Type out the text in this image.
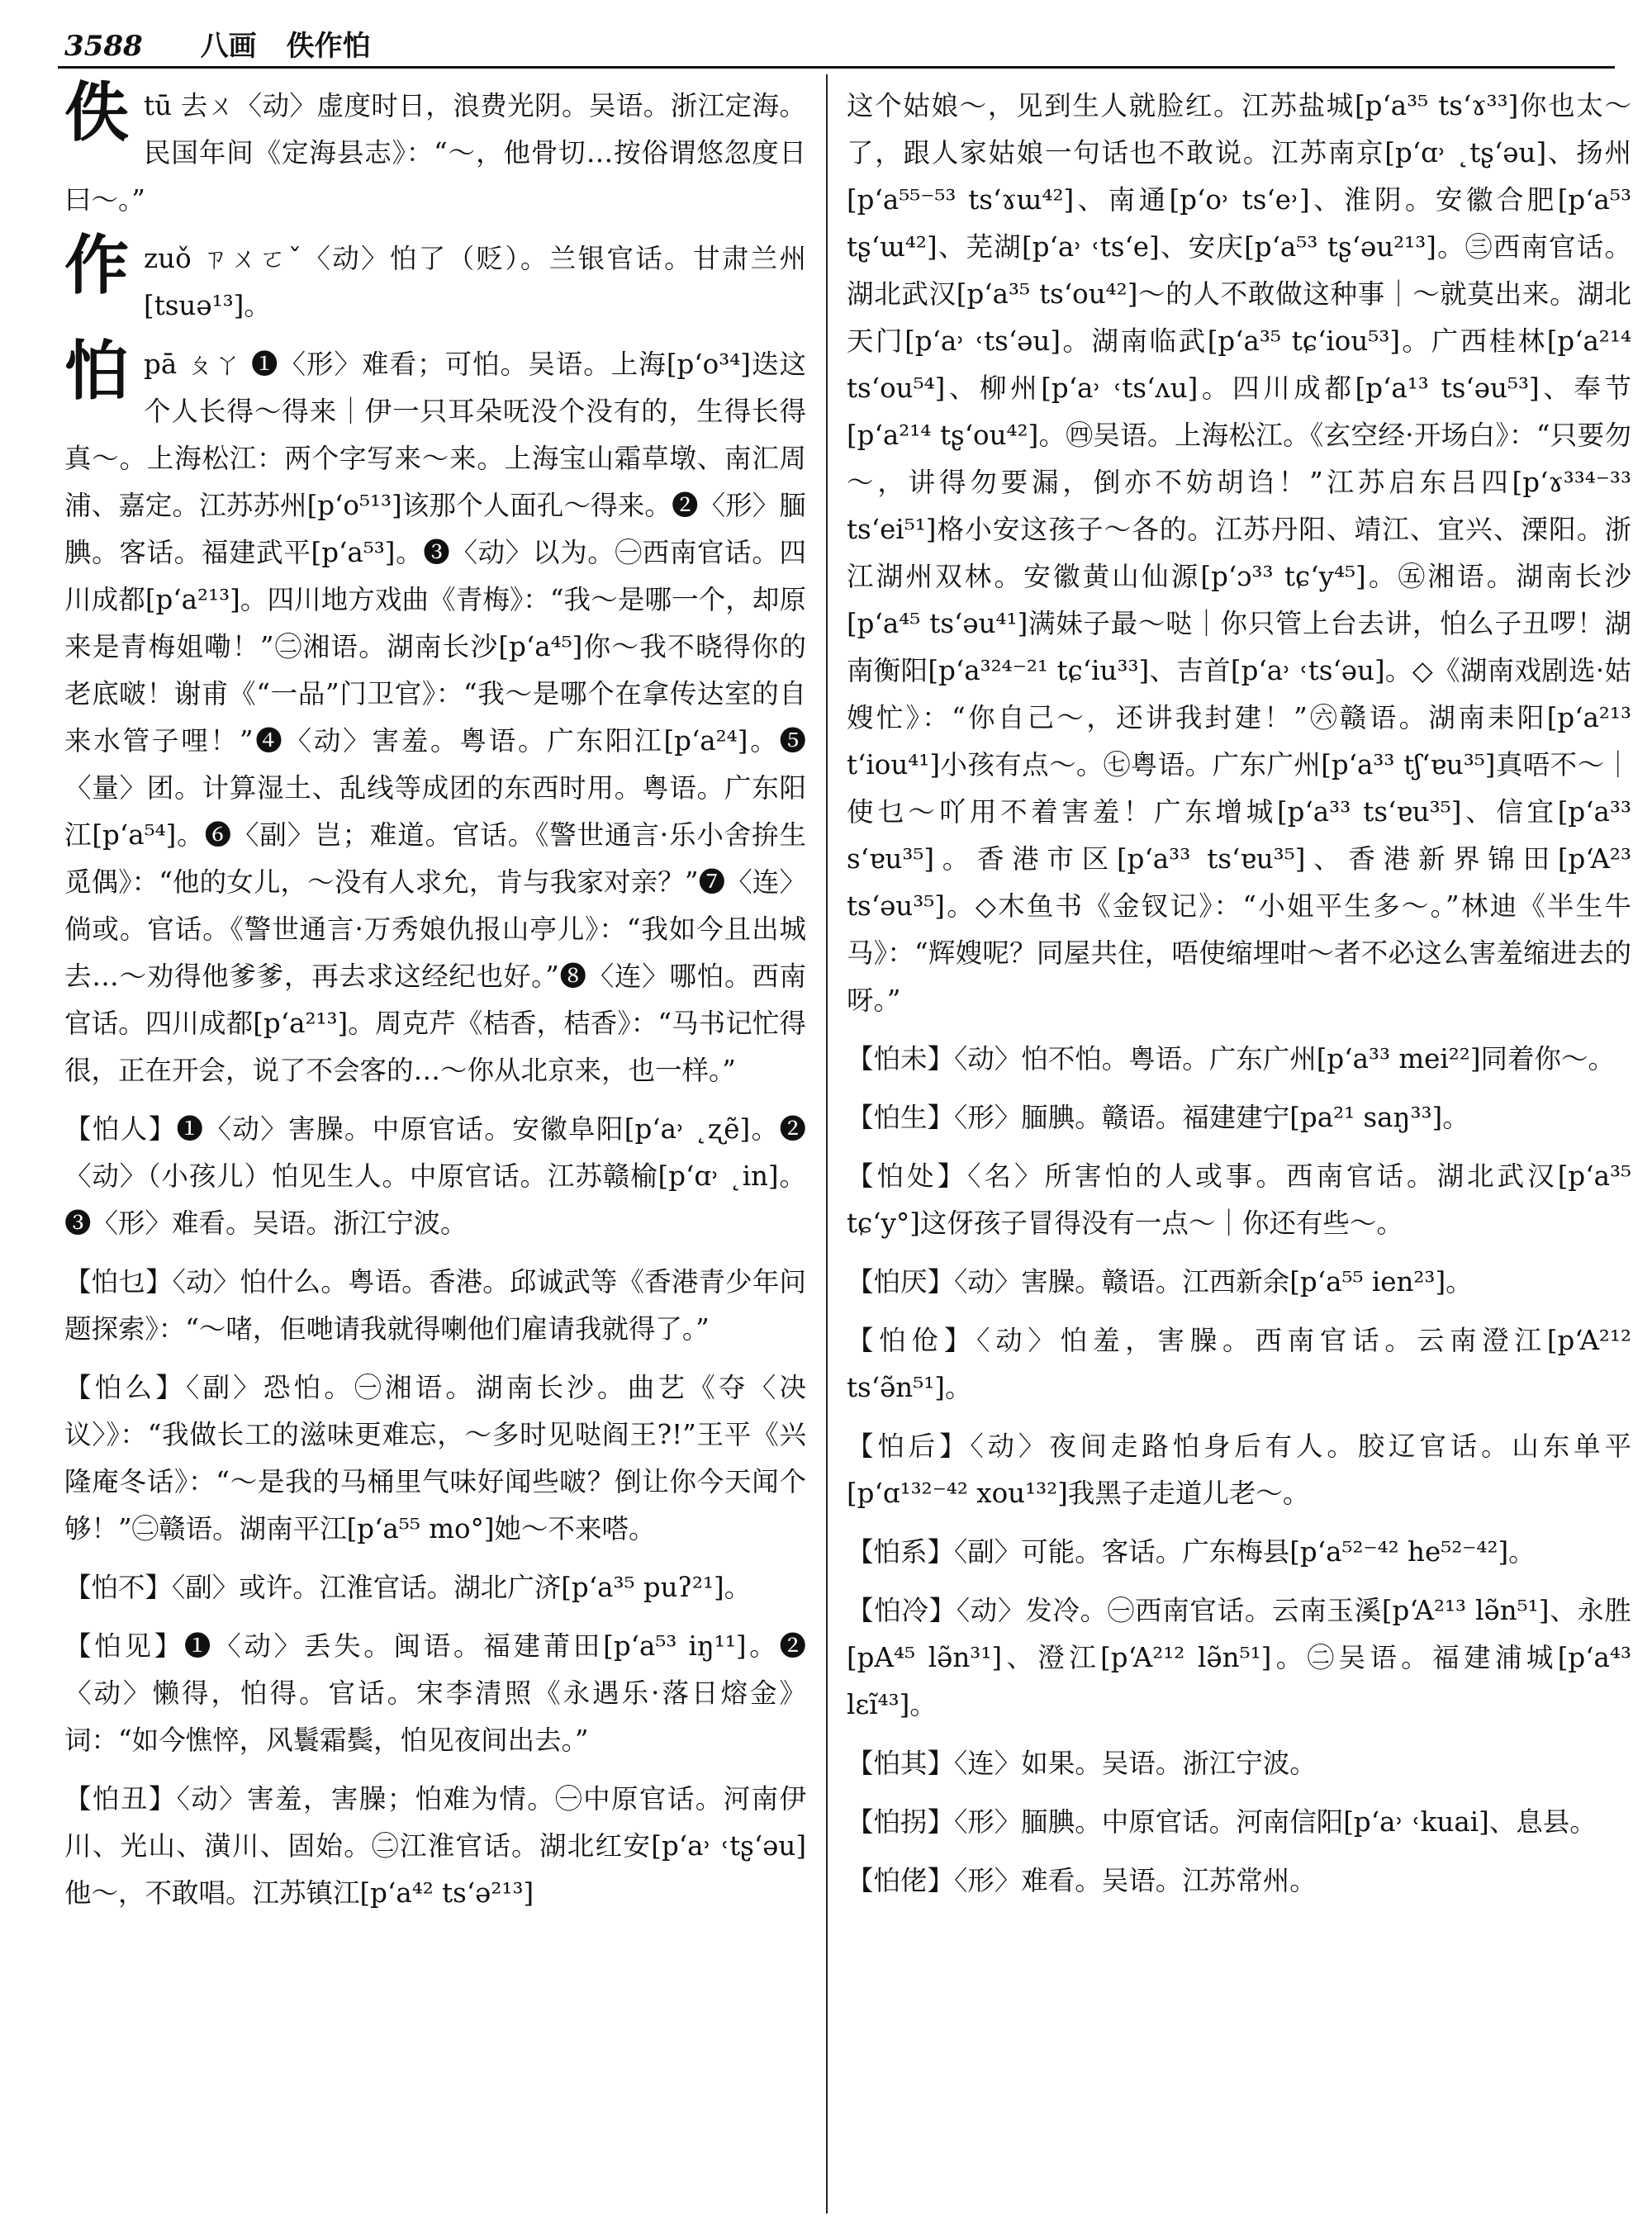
3588 八画 佚作怕
佚 tū 去ㄨ〈动〉虚度时日，浪费光阴。吴语。浙江定海。民国年间《定海县志》：“～，他骨切…按俗谓悠忽度日曰～。”
作 zuǒ ㄗㄨㄛˇ〈动〉怕了（贬）。兰银官话。甘肃兰州[tsuə¹³]。
怕 pā ㄆㄚ ❶〈形〉难看；可怕。吴语。上海[p‘o³⁴]迭这个人长得～得来｜伊一只耳朵呒没个没有的，生得长得真～。上海松江：两个字写来～来。上海宝山霜草墩、南汇周浦、嘉定。江苏苏州[p‘o⁵¹³]该那个人面孔～得来。❷〈形〉腼腆。客话。福建武平[p‘a⁵³]。❸〈动〉以为。㊀西南官话。四川成都[p‘a²¹³]。四川地方戏曲《青梅》：“我～是哪一个，却原来是青梅姐嘞！”㊁湘语。湖南长沙[p‘a⁴⁵]你～我不晓得你的老底啵！谢甫《“一品”门卫官》：“我～是哪个在拿传达室的自来水管子哩！”❹〈动〉害羞。粤语。广东阳江[p‘a²⁴]。❺〈量〉团。计算湿土、乱线等成团的东西时用。粤语。广东阳江[p‘a⁵⁴]。❻〈副〉岂；难道。官话。《警世通言·乐小舍拚生觅偶》：“他的女儿，～没有人求允，肯与我家对亲？”❼〈连〉倘或。官话。《警世通言·万秀娘仇报山亭儿》：“我如今且出城去…～劝得他爹爹，再去求这经纪也好。”❽〈连〉哪怕。西南官话。四川成都[p‘a²¹³]。周克芹《桔香，桔香》：“马书记忙得很，正在开会，说了不会客的…～你从北京来，也一样。”
【怕人】❶〈动〉害臊。中原官话。安徽阜阳[p‘a˒ ˛ʐẽ]。❷〈动〉（小孩儿）怕见生人。中原官话。江苏赣榆[p‘ɑ˒ ˛in]。❸〈形〉难看。吴语。浙江宁波。
【怕乜】〈动〉怕什么。粤语。香港。邱诚武等《香港青少年问题探索》：“～啫，佢哋请我就得喇他们雇请我就得了。”
【怕么】〈副〉恐怕。㊀湘语。湖南长沙。曲艺《夺〈决议〉》：“我做长工的滋味更难忘，～多时见哒阎王?!”王平《兴隆庵冬话》：“～是我的马桶里气味好闻些啵？倒让你今天闻个够！”㊁赣语。湖南平江[p‘a⁵⁵ mo°]她～不来嗒。
【怕不】〈副〉或许。江淮官话。湖北广济[p‘a³⁵ puʔ²¹]。
【怕见】❶〈动〉丢失。闽语。福建莆田[p‘a⁵³ iŋ¹¹]。❷〈动〉懒得，怕得。官话。宋李清照《永遇乐·落日熔金》词：“如今憔悴，风鬟霜鬓，怕见夜间出去。”
【怕丑】〈动〉害羞，害臊；怕难为情。㊀中原官话。河南伊川、光山、潢川、固始。㊁江淮官话。湖北红安[p‘a˒ ˓tʂ‘əu]他～，不敢唱。江苏镇江[p‘a⁴² ts‘ə²¹³]
这个姑娘～，见到生人就脸红。江苏盐城[p‘a³⁵ ts‘ɤ³³]你也太～了，跟人家姑娘一句话也不敢说。江苏南京[p‘ɑ˒ ˛tʂ‘əu]、扬州[p‘a⁵⁵⁻⁵³ ts‘ɤɯ⁴²]、南通[p‘o˒ ts‘e˒]、淮阴。安徽合肥[p‘a⁵³ tʂ‘ɯ⁴²]、芜湖[p‘a˒ ˓ts‘e]、安庆[p‘a⁵³ tʂ‘əu²¹³]。㊂西南官话。湖北武汉[p‘a³⁵ ts‘ou⁴²]～的人不敢做这种事｜～就莫出来。湖北天门[p‘a˒ ˓ts‘əu]。湖南临武[p‘a³⁵ tɕ‘iou⁵³]。广西桂林[p‘a²¹⁴ ts‘ou⁵⁴]、柳州[p‘a˒ ˓ts‘ʌu]。四川成都[p‘a¹³ ts‘əu⁵³]、奉节[p‘a²¹⁴ tʂ‘ou⁴²]。㊃吴语。上海松江。《玄空经·开场白》：“只要勿～，讲得勿要漏，倒亦不妨胡诌！”江苏启东吕四[p‘ɤ³³⁴⁻³³ ts‘ei⁵¹]格小安这孩子～各的。江苏丹阳、靖江、宜兴、溧阳。浙江湖州双林。安徽黄山仙源[p‘ɔ³³ tɕ‘y⁴⁵]。㊄湘语。湖南长沙[p‘a⁴⁵ ts‘əu⁴¹]满妹子最～哒｜你只管上台去讲，怕么子丑啰！湖南衡阳[p‘a³²⁴⁻²¹ tɕ‘iu³³]、吉首[p‘a˒ ˓ts‘əu]。◇《湖南戏剧选·姑嫂忙》：“你自己～，还讲我封建！”㊅赣语。湖南耒阳[p‘a²¹³ t‘iou⁴¹]小孩有点～。㊆粤语。广东广州[p‘a³³ tʃ‘ɐu³⁵]真唔不～｜使乜～吖用不着害羞！广东增城[p‘a³³ ts‘ɐu³⁵]、信宜[p‘a³³ s‘ɐu³⁵]。香港市区[p‘a³³ ts‘ɐu³⁵]、香港新界锦田[p‘A²³ ts‘əu³⁵]。◇木鱼书《金钗记》：“小姐平生多～。”林迪《半生牛马》：“辉嫂呢？同屋共住，唔使缩埋咁～者不必这么害羞缩进去的呀。”
【怕未】〈动〉怕不怕。粤语。广东广州[p‘a³³ mei²²]同着你～。
【怕生】〈形〉腼腆。赣语。福建建宁[pa²¹ saŋ³³]。
【怕处】〈名〉所害怕的人或事。西南官话。湖北武汉[p‘a³⁵ tɕ‘y°]这伢孩子冒得没有一点～｜你还有些～。
【怕厌】〈动〉害臊。赣语。江西新余[p‘a⁵⁵ ien²³]。
【怕伧】〈动〉怕羞，害臊。西南官话。云南澄江[p‘A²¹² ts‘ə̃n⁵¹]。
【怕后】〈动〉夜间走路怕身后有人。胶辽官话。山东单平[p‘ɑ¹³²⁻⁴² xou¹³²]我黑子走道儿老～。
【怕系】〈副〉可能。客话。广东梅县[p‘a⁵²⁻⁴² he⁵²⁻⁴²]。
【怕冷】〈动〉发冷。㊀西南官话。云南玉溪[p‘A²¹³ lə̃n⁵¹]、永胜[pA⁴⁵ lə̃n³¹]、澄江[p‘A²¹² lə̃n⁵¹]。㊁吴语。福建浦城[p‘a⁴³ lɛĩ⁴³]。
【怕其】〈连〉如果。吴语。浙江宁波。
【怕拐】〈形〉腼腆。中原官话。河南信阳[p‘a˒ ˓kuai]、息县。
【怕佬】〈形〉难看。吴语。江苏常州。
